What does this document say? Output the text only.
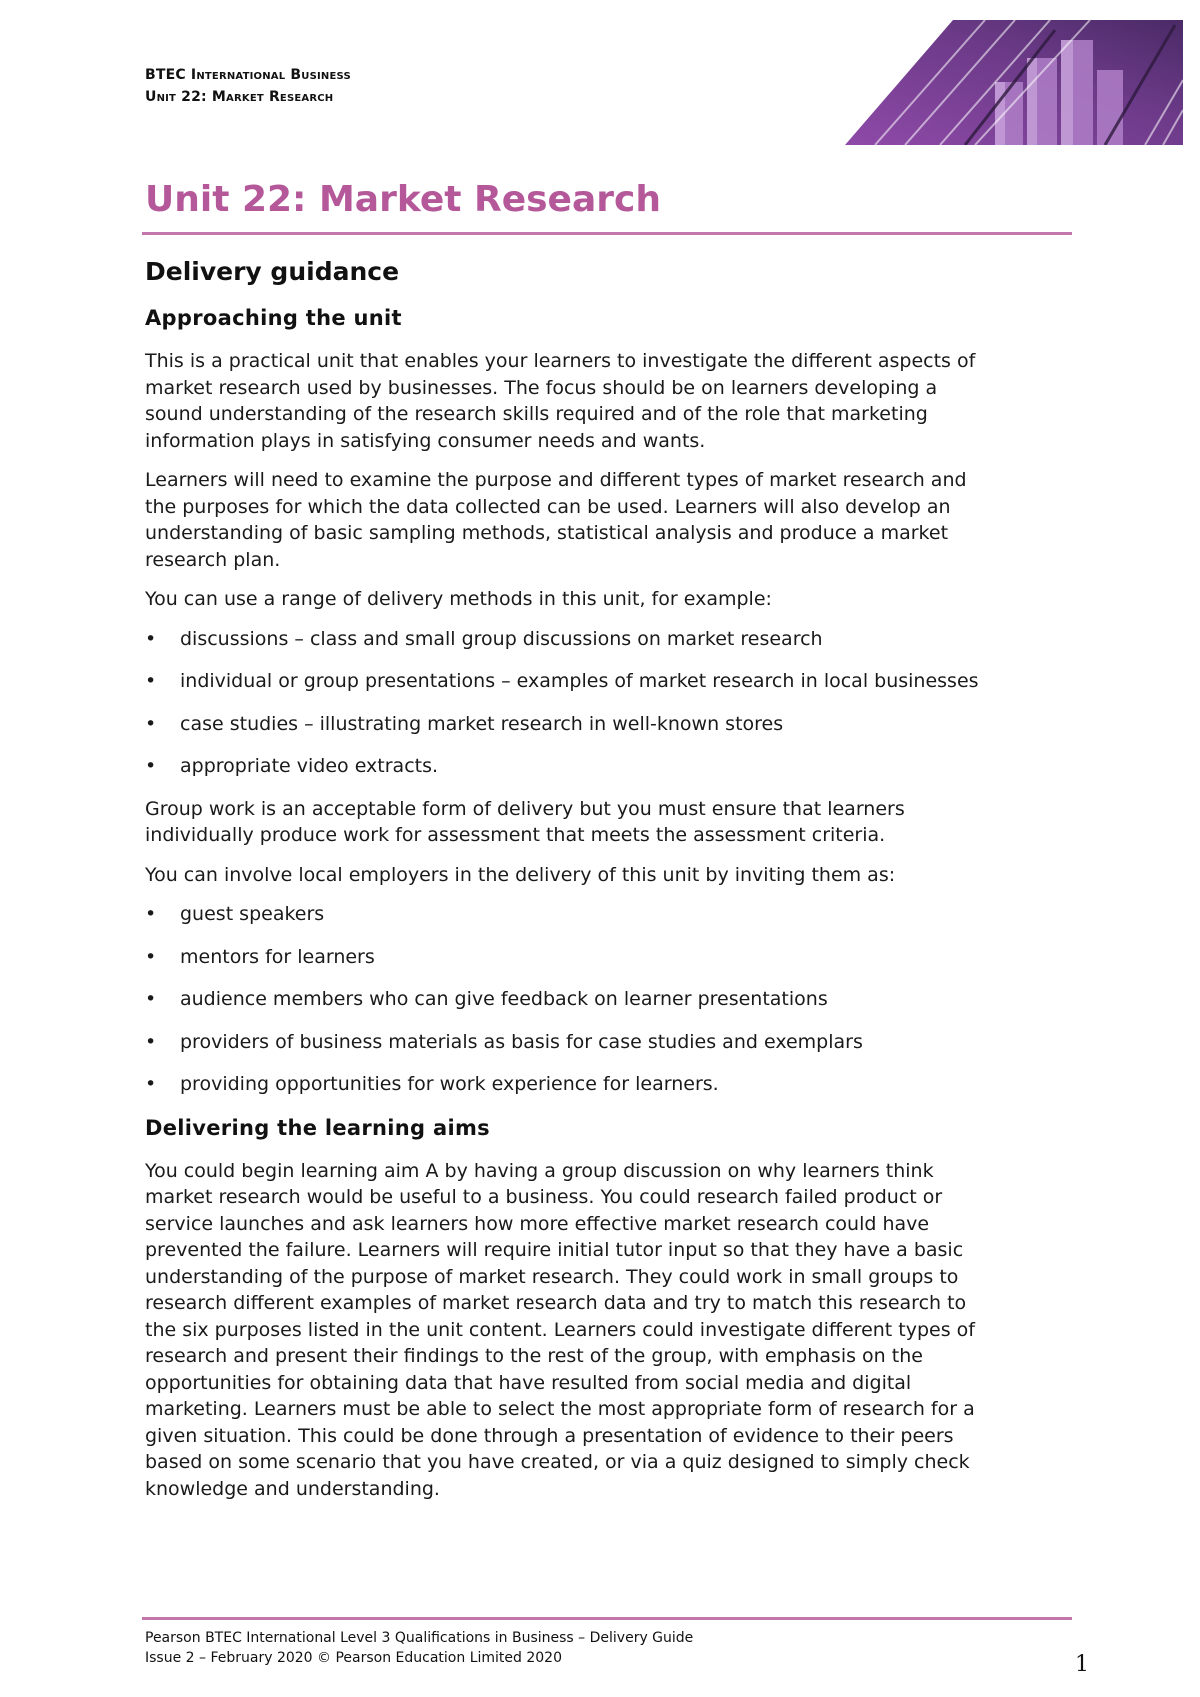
BTEC International Business
Unit 22: Market Research
Unit 22: Market Research
Delivery guidance
Approaching the unit

This is a practical unit that enables your learners to investigate the different aspects of market research used by businesses. The focus should be on learners developing a sound understanding of the research skills required and of the role that marketing information plays in satisfying consumer needs and wants.

Learners will need to examine the purpose and different types of market research and the purposes for which the data collected can be used. Learners will also develop an understanding of basic sampling methods, statistical analysis and produce a market research plan.

You can use a range of delivery methods in this unit, for example:

• discussions – class and small group discussions on market research
• individual or group presentations – examples of market research in local businesses
• case studies – illustrating market research in well-known stores
• appropriate video extracts.

Group work is an acceptable form of delivery but you must ensure that learners individually produce work for assessment that meets the assessment criteria.

You can involve local employers in the delivery of this unit by inviting them as:

• guest speakers
• mentors for learners
• audience members who can give feedback on learner presentations
• providers of business materials as basis for case studies and exemplars
• providing opportunities for work experience for learners.
Delivering the learning aims

You could begin learning aim A by having a group discussion on why learners think market research would be useful to a business. You could research failed product or service launches and ask learners how more effective market research could have prevented the failure. Learners will require initial tutor input so that they have a basic understanding of the purpose of market research. They could work in small groups to research different examples of market research data and try to match this research to the six purposes listed in the unit content. Learners could investigate different types of research and present their findings to the rest of the group, with emphasis on the opportunities for obtaining data that have resulted from social media and digital marketing. Learners must be able to select the most appropriate form of research for a given situation. This could be done through a presentation of evidence to their peers based on some scenario that you have created, or via a quiz designed to simply check knowledge and understanding.

Pearson BTEC International Level 3 Qualifications in Business – Delivery Guide
Issue 2 – February 2020 © Pearson Education Limited 2020	1
